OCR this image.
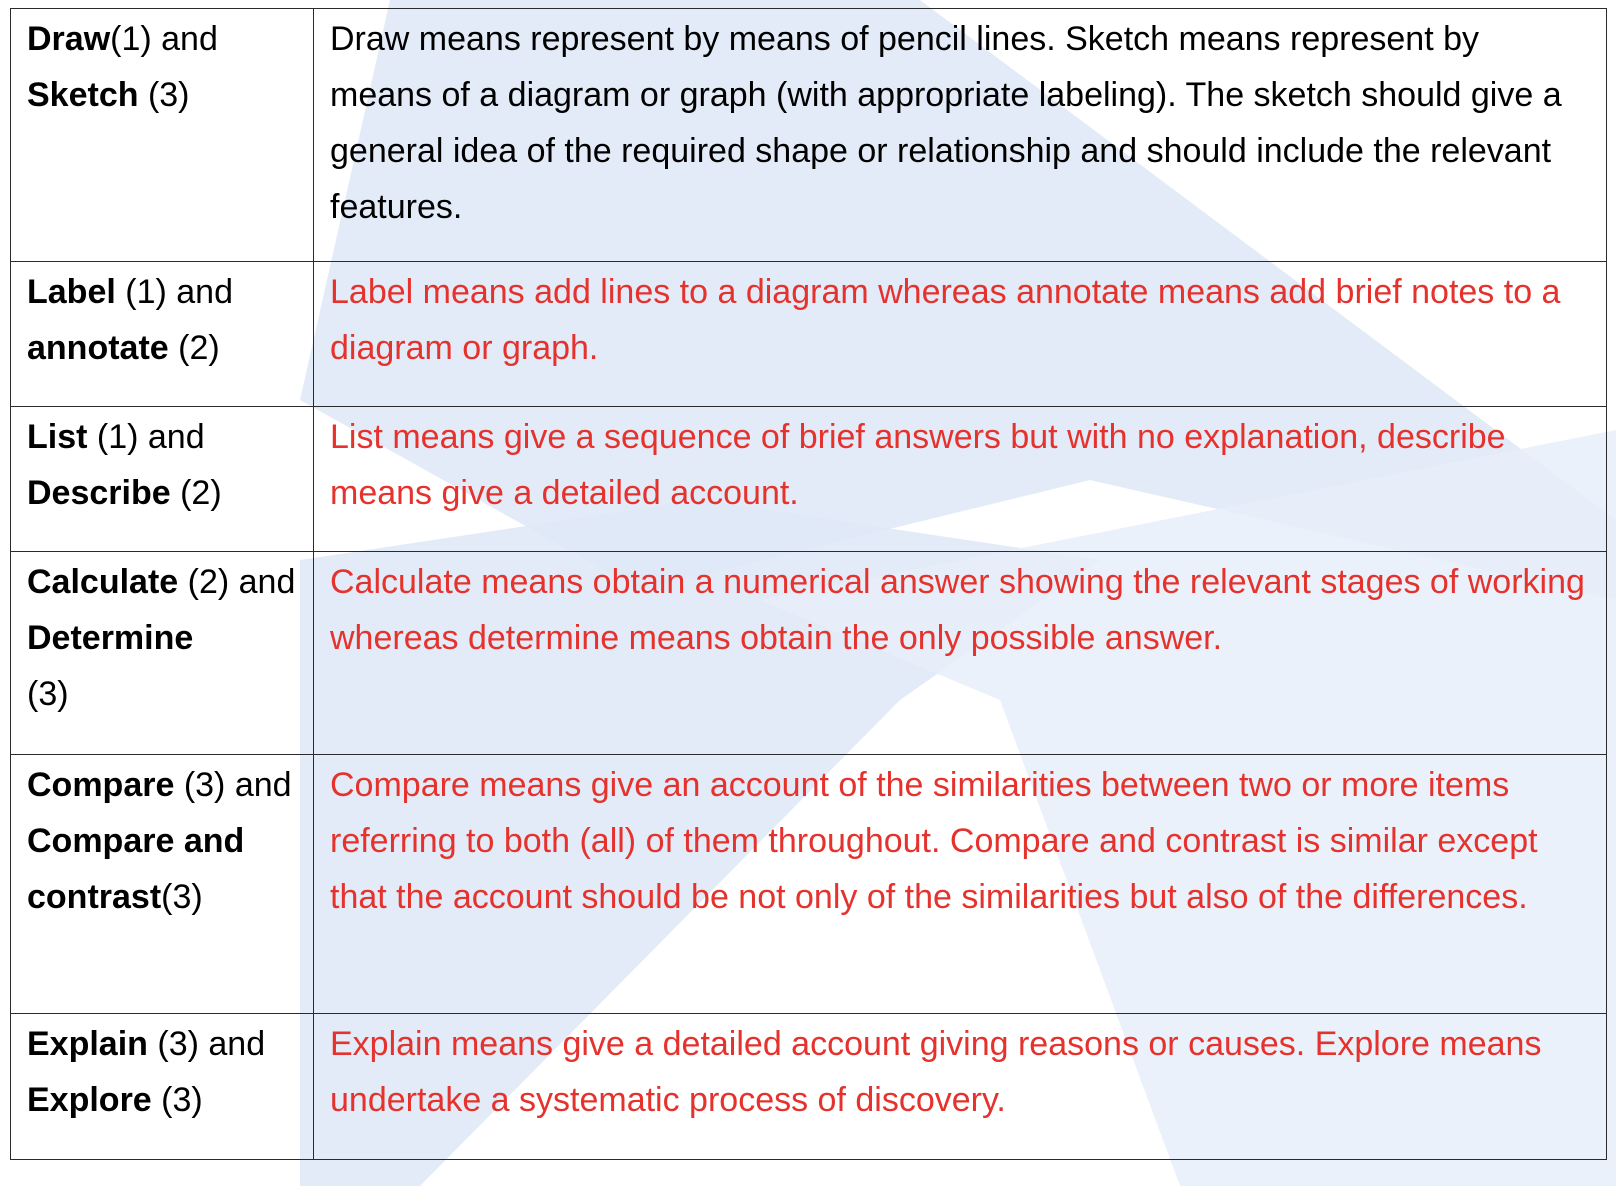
Draw(1) and
Sketch (3)	Draw means represent by means of pencil lines. Sketch means represent by means of a diagram or graph (with appropriate labeling). The sketch should give a general idea of the required shape or relationship and should include the relevant features.
Label (1) and
annotate (2)	Label means add lines to a diagram whereas annotate means add brief notes to a diagram or graph.
List (1) and
Describe (2)	List means give a sequence of brief answers but with no explanation, describe means give a detailed account.
Calculate (2) and Determine
(3)	Calculate means obtain a numerical answer showing the relevant stages of working whereas determine means obtain the only possible answer.
Compare (3) and Compare and contrast(3)	Compare means give an account of the similarities between two or more items referring to both (all) of them throughout. Compare and contrast is similar except that the account should be not only of the similarities but also of the differences.
Explain (3) and
Explore (3)	Explain means give a detailed account giving reasons or causes. Explore means undertake a systematic process of discovery.
